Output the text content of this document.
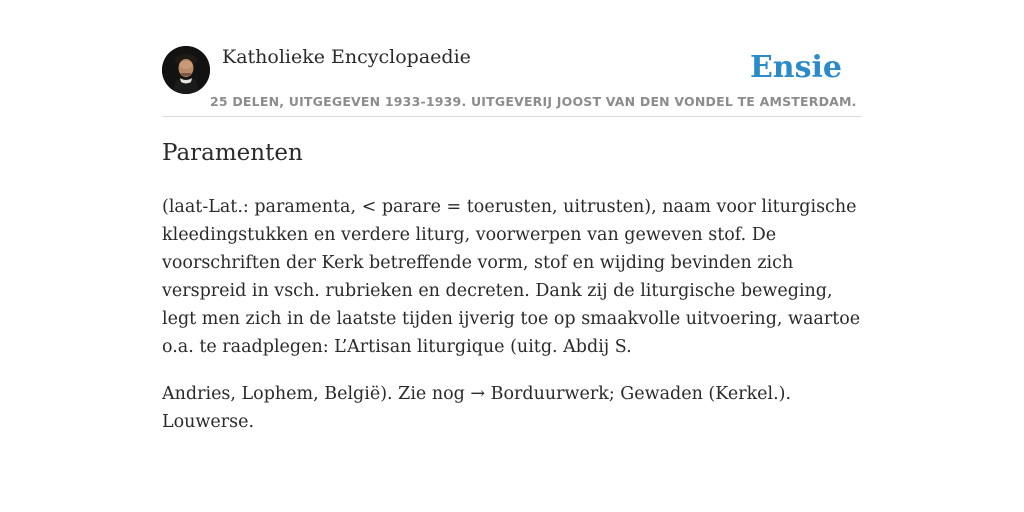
Katholieke Encyclopaedie
25 DELEN, UITGEGEVEN 1933-1939. UITGEVERIJ JOOST VAN DEN VONDEL TE AMSTERDAM.
Ensie
Paramenten

(laat-Lat.: paramenta, < parare = toerusten, uitrusten), naam voor liturgische kleedingstukken en verdere liturg, voorwerpen van geweven stof. De voorschriften der Kerk betreffende vorm, stof en wijding bevinden zich verspreid in vsch. rubrieken en decreten. Dank zij de liturgische beweging, legt men zich in de laatste tijden ijverig toe op smaakvolle uitvoering, waartoe o.a. te raadplegen: L’Artisan liturgique (uitg. Abdij S.

Andries, Lophem, België). Zie nog → Borduurwerk; Gewaden (Kerkel.). Louwerse.
